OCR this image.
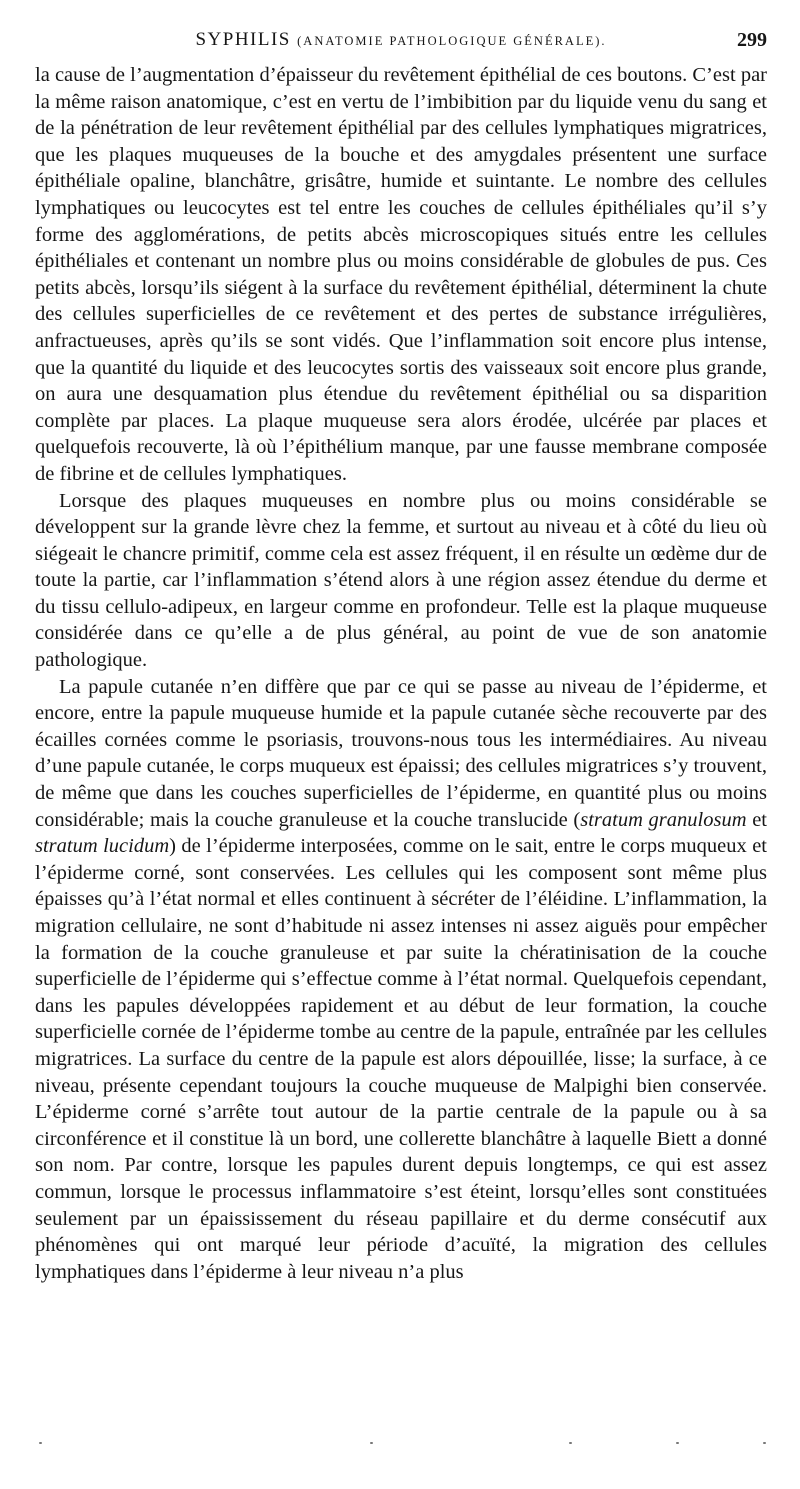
SYPHILIS (ANATOMIE PATHOLOGIQUE GÉNÉRALE).	299

la cause de l’augmentation d’épaisseur du revêtement épithélial de ces boutons. C’est par la même raison anatomique, c’est en vertu de l’imbibition par du liquide venu du sang et de la pénétration de leur revêtement épithélial par des cellules lymphatiques migratrices, que les plaques muqueuses de la bouche et des amygdales présentent une surface épithéliale opaline, blanchâtre, grisâtre, humide et suintante. Le nombre des cellules lymphatiques ou leucocytes est tel entre les couches de cellules épithéliales qu’il s’y forme des agglomérations, de petits abcès microscopiques situés entre les cellules épithéliales et contenant un nombre plus ou moins considérable de globules de pus. Ces petits abcès, lorsqu’ils siégent à la surface du revêtement épithélial, déterminent la chute des cellules superficielles de ce revêtement et des pertes de substance irrégulières, anfractueuses, après qu’ils se sont vidés. Que l’inflammation soit encore plus intense, que la quantité du liquide et des leucocytes sortis des vaisseaux soit encore plus grande, on aura une desquamation plus étendue du revêtement épithélial ou sa disparition complète par places. La plaque muqueuse sera alors érodée, ulcérée par places et quelquefois recouverte, là où l’épithélium manque, par une fausse membrane composée de fibrine et de cellules lymphatiques.

Lorsque des plaques muqueuses en nombre plus ou moins considérable se développent sur la grande lèvre chez la femme, et surtout au niveau et à côté du lieu où siégeait le chancre primitif, comme cela est assez fréquent, il en résulte un œdème dur de toute la partie, car l’inflammation s’étend alors à une région assez étendue du derme et du tissu cellulo-adipeux, en largeur comme en profondeur. Telle est la plaque muqueuse considérée dans ce qu’elle a de plus général, au point de vue de son anatomie pathologique.

La papule cutanée n’en diffère que par ce qui se passe au niveau de l’épiderme, et encore, entre la papule muqueuse humide et la papule cutanée sèche recouverte par des écailles cornées comme le psoriasis, trouvons-nous tous les intermédiaires. Au niveau d’une papule cutanée, le corps muqueux est épaissi; des cellules migratrices s’y trouvent, de même que dans les couches superficielles de l’épiderme, en quantité plus ou moins considérable; mais la couche granuleuse et la couche translucide (stratum granulosum et stratum lucidum) de l’épiderme interposées, comme on le sait, entre le corps muqueux et l’épiderme corné, sont conservées. Les cellules qui les composent sont même plus épaisses qu’à l’état normal et elles continuent à sécréter de l’éléidine. L’inflammation, la migration cellulaire, ne sont d’habitude ni assez intenses ni assez aiguës pour empêcher la formation de la couche granuleuse et par suite la chératinisation de la couche superficielle de l’épiderme qui s’effectue comme à l’état normal. Quelquefois cependant, dans les papules développées rapidement et au début de leur formation, la couche superficielle cornée de l’épiderme tombe au centre de la papule, entraînée par les cellules migratrices. La surface du centre de la papule est alors dépouillée, lisse; la surface, à ce niveau, présente cependant toujours la couche muqueuse de Malpighi bien conservée. L’épiderme corné s’arrête tout autour de la partie centrale de la papule ou à sa circonférence et il constitue là un bord, une collerette blanchâtre à laquelle Biett a donné son nom. Par contre, lorsque les papules durent depuis longtemps, ce qui est assez commun, lorsque le processus inflammatoire s’est éteint, lorsqu’elles sont constituées seulement par un épaississement du réseau papillaire et du derme consécutif aux phénomènes qui ont marqué leur période d’acuïté, la migration des cellules lymphatiques dans l’épiderme à leur niveau n’a plus
